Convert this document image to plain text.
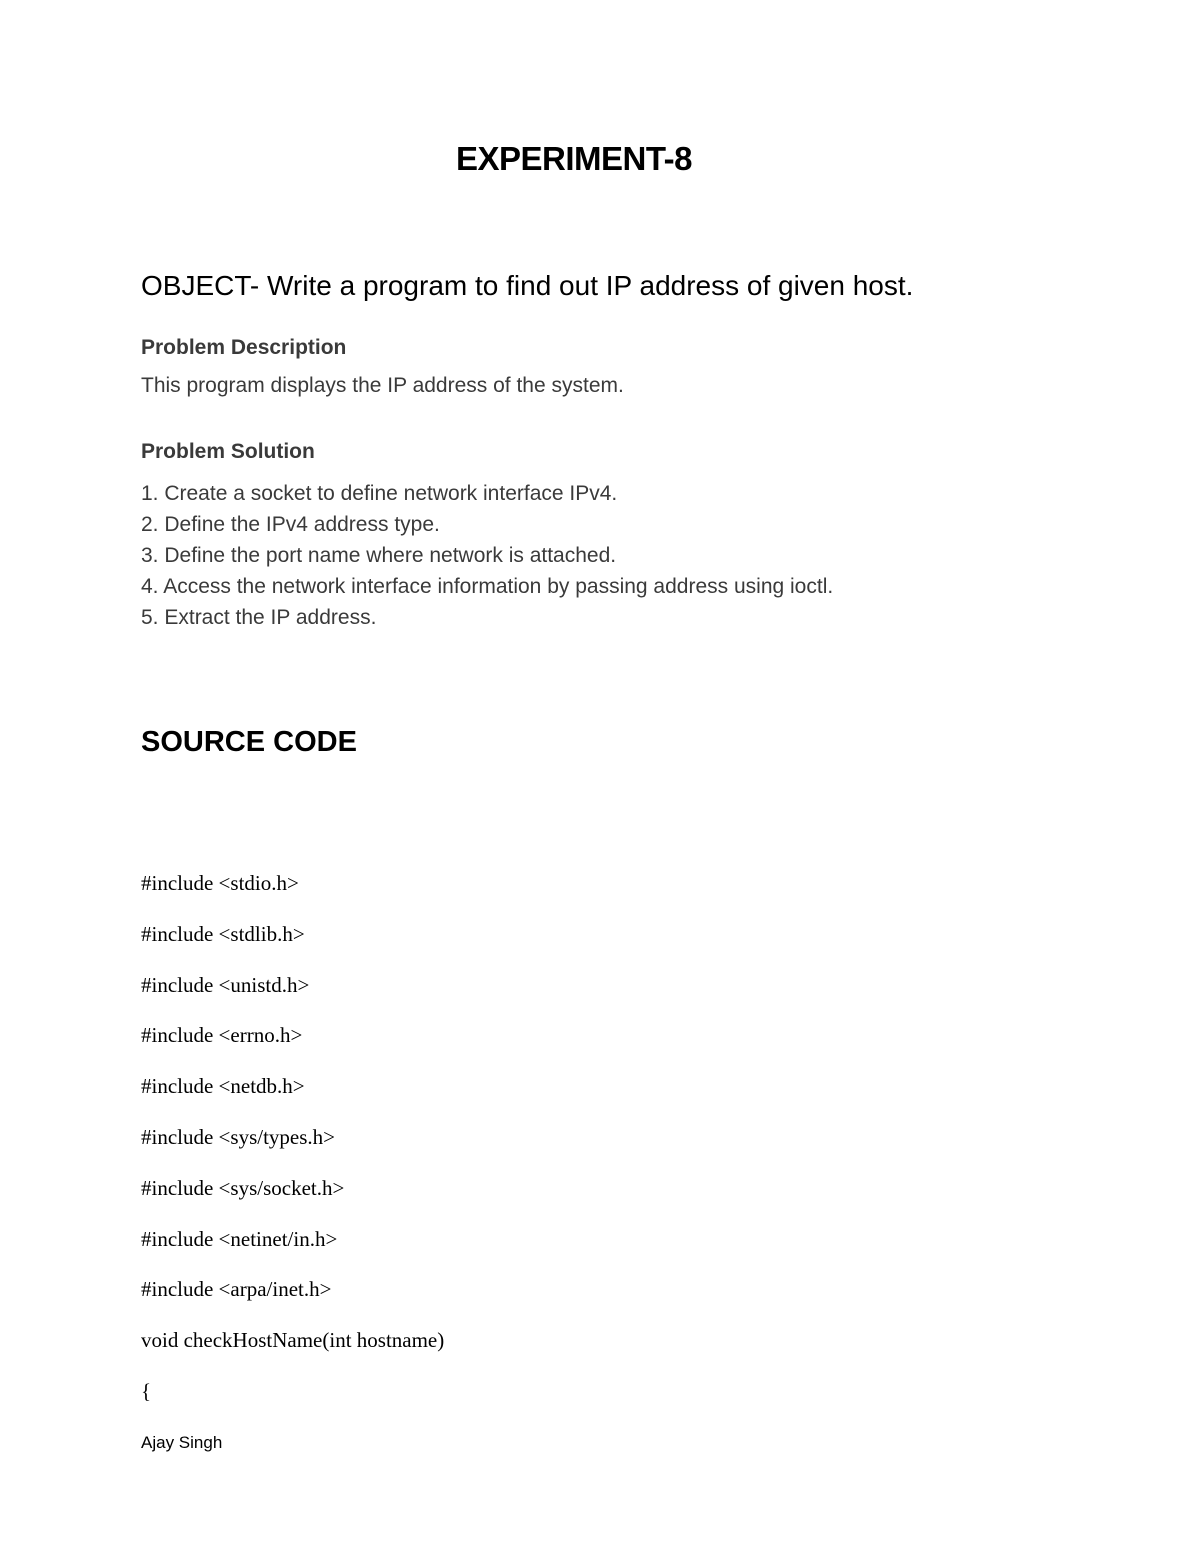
EXPERIMENT-8

OBJECT- Write a program to find out IP address of given host.

Problem Description

This program displays the IP address of the system.

Problem Solution
1. Create a socket to define network interface IPv4.
2. Define the IPv4 address type.
3. Define the port name where network is attached.
4. Access the network interface information by passing address using ioctl.
5. Extract the IP address.
SOURCE CODE
#include <stdio.h>
#include <stdlib.h>
#include <unistd.h>
#include <errno.h>
#include <netdb.h>
#include <sys/types.h>
#include <sys/socket.h>
#include <netinet/in.h>
#include <arpa/inet.h>
void checkHostName(int hostname)
{

Ajay Singh
